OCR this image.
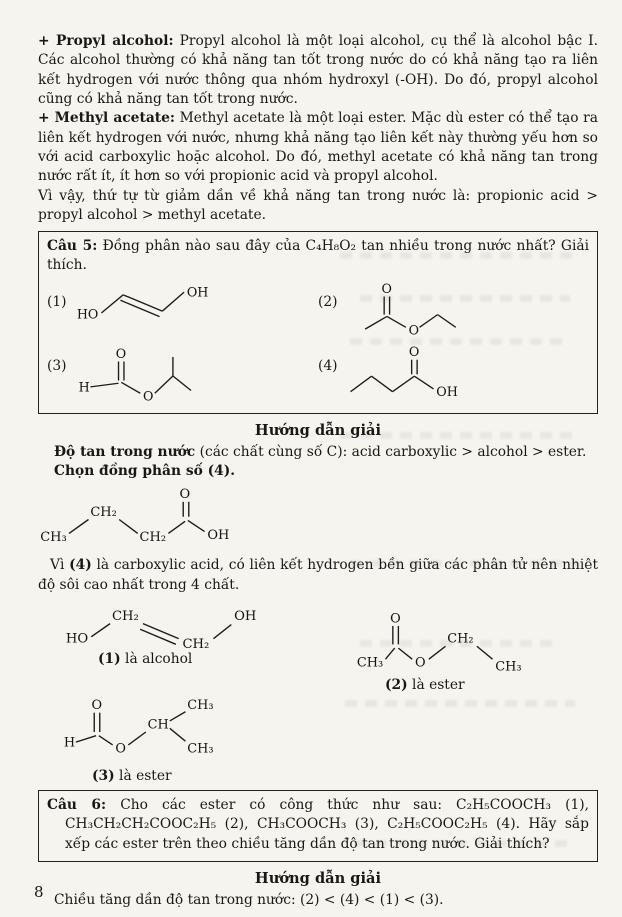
+ Propyl alcohol: Propyl alcohol là một loại alcohol, cụ thể là alcohol bậc I. Các alcohol thường có khả năng tan tốt trong nước do có khả năng tạo ra liên kết hydrogen với nước thông qua nhóm hydroxyl (-OH). Do đó, propyl alcohol cũng có khả năng tan tốt trong nước.

+ Methyl acetate: Methyl acetate là một loại ester. Mặc dù ester có thể tạo ra liên kết hydrogen với nước, nhưng khả năng tạo liên kết này thường yếu hơn so với acid carboxylic hoặc alcohol. Do đó, methyl acetate có khả năng tan trong nước rất ít, ít hơn so với propionic acid và propyl alcohol.

Vì vậy, thứ tự từ giảm dần về khả năng tan trong nước là: propionic acid > propyl alcohol > methyl acetate.

Câu 5: Đồng phân nào sau đây của C₄H₈O₂ tan nhiều trong nước nhất? Giải thích.

(1)
HO
OH
(2)
O
O
(3)
O
H
O
(4)
O
OH
Hướng dẫn giải

Độ tan trong nước (các chất cùng số C): acid carboxylic > alcohol > ester.

Chọn đồng phân số (4).

CH₃
CH₂
CH₂
O
OH

Vì (4) là carboxylic acid, có liên kết hydrogen bền giữa các phân tử nên nhiệt độ sôi cao nhất trong 4 chất.

HO
CH₂
CH₂
OH
(1) là alcohol
O
CH₃ O
CH₂
CH₃
(2) là ester
O
H	O
CH
CH₃
CH₃
(3) là ester

Câu 6: Cho các ester có công thức như sau: C₂H₅COOCH₃ (1), CH₃CH₂CH₂COOC₂H₅ (2), CH₃COOCH₃ (3), C₂H₅COOC₂H₅ (4). Hãy sắp xếp các ester trên theo chiều tăng dần độ tan trong nước. Giải thích?

Hướng dẫn giải

Chiều tăng dần độ tan trong nước: (2) < (4) < (1) < (3).

8
